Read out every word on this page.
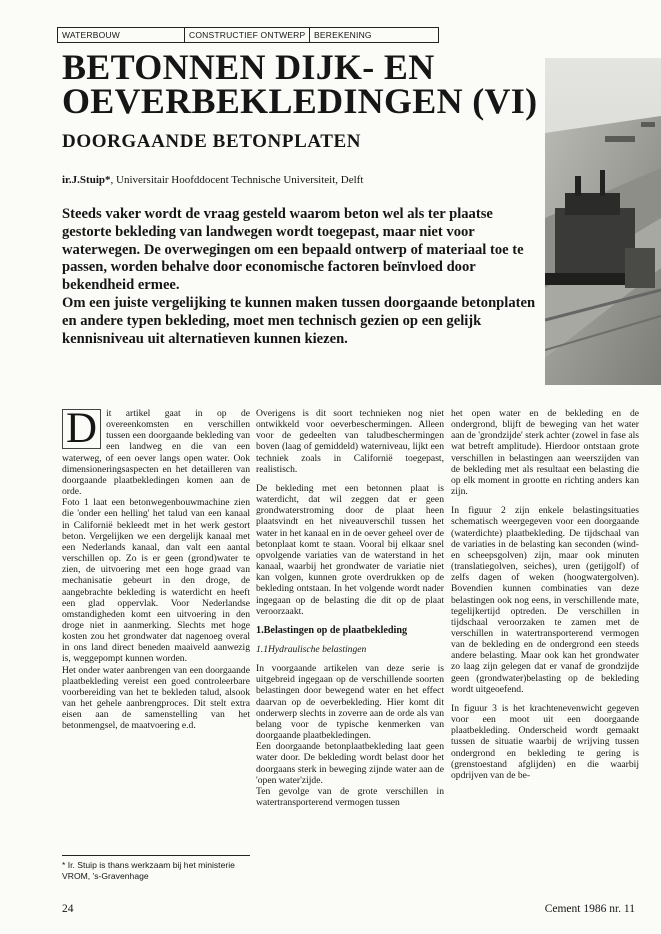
WATERBOUW	CONSTRUCTIEF ONTWERP	BEREKENING
BETONNEN DIJK- EN
OEVERBEKLEDINGEN (VI)
DOORGAANDE BETONPLATEN
ir.J.Stuip*, Universitair Hoofddocent Technische Universiteit, Delft

Steeds vaker wordt de vraag gesteld waarom beton wel als ter plaatse gestorte bekleding van landwegen wordt toegepast, maar niet voor waterwegen. De overwegingen om een bepaald ontwerp of materiaal toe te passen, worden behalve door economische factoren beïnvloed door bekendheid ermee.

Om een juiste vergelijking te kunnen maken tussen doorgaande betonplaten en andere typen bekleding, moet men technisch gezien op een gelijk kennisniveau uit alternatieven kunnen kiezen.

D it artikel gaat in op de overeenkomsten en verschillen tussen een doorgaande bekleding van een landweg en die van een waterweg, of een oever langs open water. Ook dimensioneringsaspecten en het detailleren van doorgaande plaatbekledingen komen aan de orde.

Foto 1 laat een betonwegenbouwmachine zien die 'onder een helling' het talud van een kanaal in Californië bekleedt met in het werk gestort beton. Vergelijken we een dergelijk kanaal met een Nederlands kanaal, dan valt een aantal verschillen op. Zo is er geen (grond)water te zien, de uitvoering met een hoge graad van mechanisatie gebeurt in den droge, de aangebrachte bekleding is waterdicht en heeft een glad oppervlak. Voor Nederlandse omstandigheden komt een uitvoering in den droge niet in aanmerking. Slechts met hoge kosten zou het grondwater dat nagenoeg overal in ons land direct beneden maaiveld aanwezig is, weggepompt kunnen worden.

Het onder water aanbrengen van een doorgaande plaatbekleding vereist een goed controleerbare voorbereiding van het te bekleden talud, alsook van het gehele aanbrengproces. Dit stelt extra eisen aan de samenstelling van het betonmengsel, de maatvoering e.d.

Overigens is dit soort technieken nog niet ontwikkeld voor oeverbeschermingen. Alleen voor de gedeelten van taludbeschermingen boven (laag of gemiddeld) waterniveau, lijkt een techniek zoals in Californië toegepast, realistisch.

De bekleding met een betonnen plaat is waterdicht, dat wil zeggen dat er geen grondwaterstroming door de plaat heen plaatsvindt en het niveauverschil tussen het water in het kanaal en in de oever geheel over de betonplaat komt te staan. Vooral bij elkaar snel opvolgende variaties van de waterstand in het kanaal, waarbij het grondwater de variatie niet kan volgen, kunnen grote overdrukken op de bekleding ontstaan. In het volgende wordt nader ingegaan op de belasting die dit op de plaat veroorzaakt.

1.Belastingen op de plaatbekleding

1.1Hydraulische belastingen

In voorgaande artikelen van deze serie is uitgebreid ingegaan op de verschillende soorten belastingen door bewegend water en het effect daarvan op de oeverbekleding. Hier komt dit onderwerp slechts in zoverre aan de orde als van belang voor de typische kenmerken van doorgaande plaatbekledingen.

Een doorgaande betonplaatbekleding laat geen water door. De bekleding wordt belast door het doorgaans sterk in beweging zijnde water aan de 'open water'zijde.

Ten gevolge van de grote verschillen in watertransporterend vermogen tussen

het open water en de bekleding en de ondergrond, blijft de beweging van het water aan de 'grondzijde' sterk achter (zowel in fase als wat betreft amplitude). Hierdoor ontstaan grote verschillen in belastingen aan weerszijden van de bekleding met als resultaat een belasting die op elk moment in grootte en richting anders kan zijn.

In figuur 2 zijn enkele belastingsituaties schematisch weergegeven voor een doorgaande (waterdichte) plaatbekleding. De tijdschaal van de variaties in de belasting kan seconden (wind- en scheepsgolven) zijn, maar ook minuten (translatiegolven, seiches), uren (getijgolf) of zelfs dagen of weken (hoogwatergolven). Bovendien kunnen combinaties van deze belastingen ook nog eens, in verschillende mate, tegelijkertijd optreden. De verschillen in tijdschaal veroorzaken te zamen met de verschillen in watertransporterend vermogen van de bekleding en de ondergrond een steeds andere belasting. Maar ook kan het grondwater zo laag zijn gelegen dat er vanaf de grondzijde geen (grondwater)belasting op de bekleding wordt uitgeoefend.

In figuur 3 is het krachtenevenwicht gegeven voor een moot uit een doorgaande plaatbekleding. Onderscheid wordt gemaakt tussen de situatie waarbij de wrijving tussen ondergrond en bekleding te gering is (grenstoestand afglijden) en die waarbij opdrijven van de be-

* Ir. Stuip is thans werkzaam bij het ministerie VROM, 's-Gravenhage
24	Cement 1986 nr. 11
